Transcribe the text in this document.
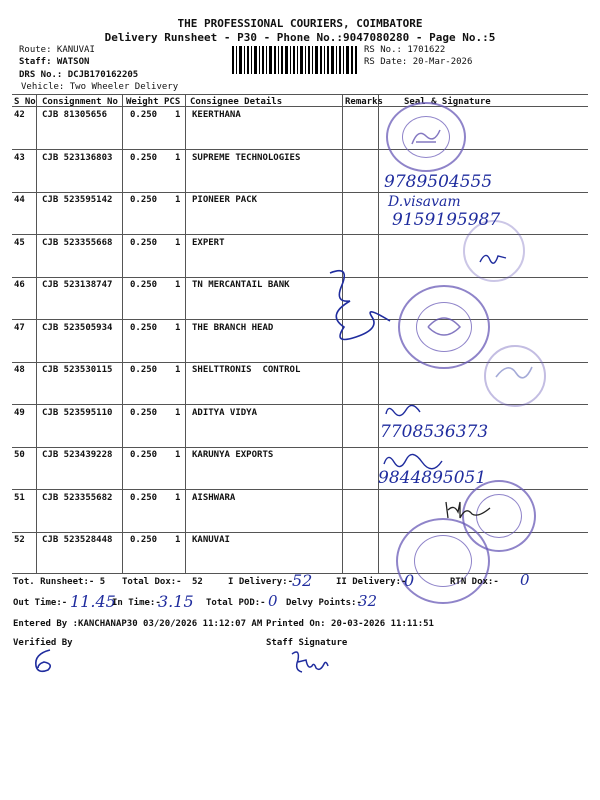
THE PROFESSIONAL COURIERS, COIMBATORE
Delivery Runsheet - P30 - Phone No.:9047080280 - Page No.:5
Route: KANUVAI
Staff: WATSON
DRS No.: DCJB170162205
Vehicle: Two Wheeler Delivery
RS No.: 1701622
RS Date: 20-Mar-2026
S No Consignment No Weight PCS Consignee Details	Remarks Seal & Signature
42 CJB 81305656	0.250 1 KEERTHANA
43 CJB 523136803 0.250 1 SUPREME TECHNOLOGIES
44 CJB 523595142 0.250 1 PIONEER PACK
45 CJB 523355668 0.250 1 EXPERT
46 CJB 523138747 0.250 1 TN MERCANTAIL BANK
47 CJB 523505934 0.250 1 THE BRANCH HEAD
48 CJB 523530115 0.250 1 SHELTTRONIS  CONTROL
49 CJB 523595110 0.250 1 ADITYA VIDYA
50 CJB 523439228 0.250 1 KARUNYA EXPORTS
51 CJB 523355682 0.250 1 AISHWARA
52 CJB 523528448 0.250 1 KANUVAI
9789504555
D.visavam
9159195987
7708536373
9844895051
Tot. Runsheet:- 5 Total Dox:- 52	I Delivery:-
52	II Delivery:-
0	RTN Dox:- 0
Out Time:- 11.45
In Time:-
3.15 Total POD:- 0 Delvy Points:-
32
Entered By :KANCHANAP30 03/20/2026 11:12:07 AM Printed On: 20-03-2026 11:11:51
Verified By	Staff Signature
